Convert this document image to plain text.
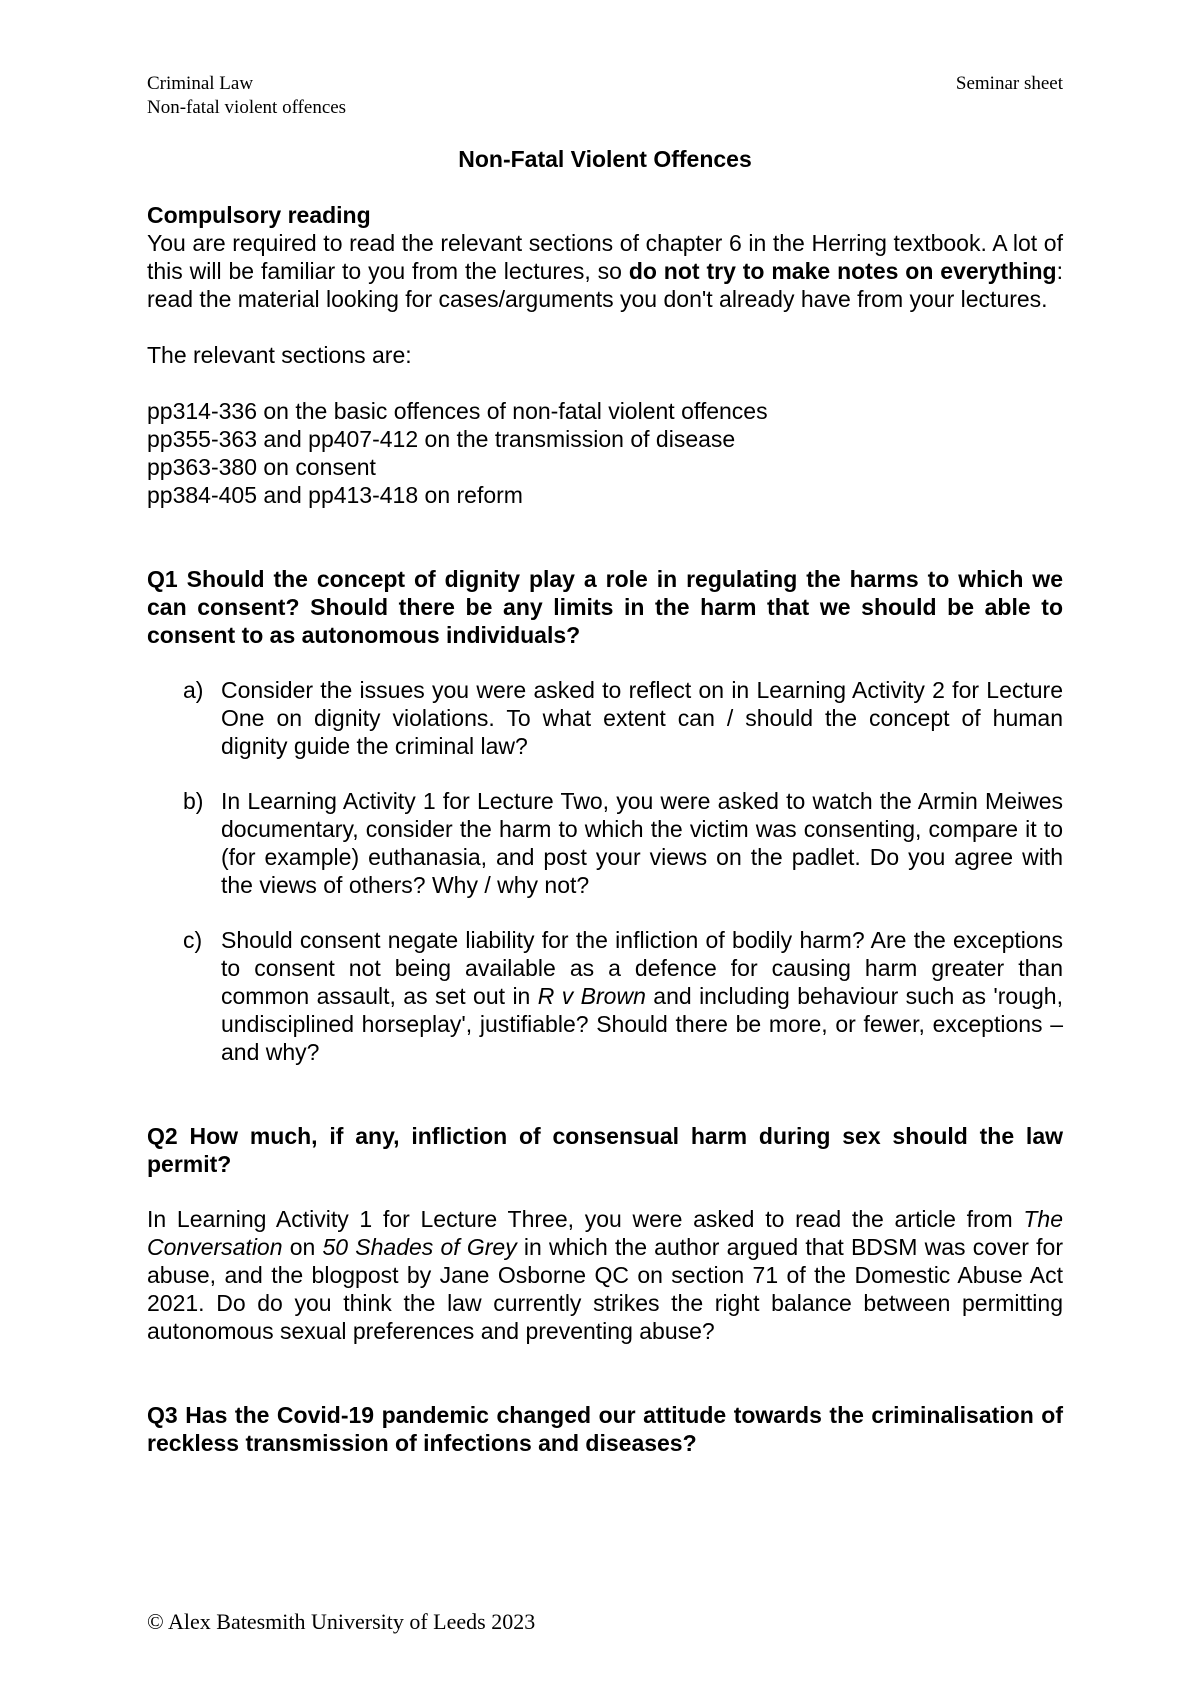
Criminal Law
Non-fatal violent offences
Seminar sheet
Non-Fatal Violent Offences
Compulsory reading

You are required to read the relevant sections of chapter 6 in the Herring textbook. A lot of this will be familiar to you from the lectures, so do not try to make notes on everything: read the material looking for cases/arguments you don't already have from your lectures.

The relevant sections are:

pp314-336 on the basic offences of non-fatal violent offences
pp355-363 and pp407-412 on the transmission of disease
pp363-380 on consent
pp384-405 and pp413-418 on reform

Q1 Should the concept of dignity play a role in regulating the harms to which we can consent? Should there be any limits in the harm that we should be able to consent to as autonomous individuals?

a) Consider the issues you were asked to reflect on in Learning Activity 2 for Lecture One on dignity violations. To what extent can / should the concept of human dignity guide the criminal law?
b) In Learning Activity 1 for Lecture Two, you were asked to watch the Armin Meiwes documentary, consider the harm to which the victim was consenting, compare it to (for example) euthanasia, and post your views on the padlet. Do you agree with the views of others? Why / why not?
c) Should consent negate liability for the infliction of bodily harm? Are the exceptions to consent not being available as a defence for causing harm greater than common assault, as set out in R v Brown and including behaviour such as 'rough, undisciplined horseplay', justifiable? Should there be more, or fewer, exceptions – and why?

Q2 How much, if any, infliction of consensual harm during sex should the law permit?

In Learning Activity 1 for Lecture Three, you were asked to read the article from The Conversation on 50 Shades of Grey in which the author argued that BDSM was cover for abuse, and the blogpost by Jane Osborne QC on section 71 of the Domestic Abuse Act 2021. Do do you think the law currently strikes the right balance between permitting autonomous sexual preferences and preventing abuse?

Q3 Has the Covid-19 pandemic changed our attitude towards the criminalisation of reckless transmission of infections and diseases?

© Alex Batesmith University of Leeds 2023
